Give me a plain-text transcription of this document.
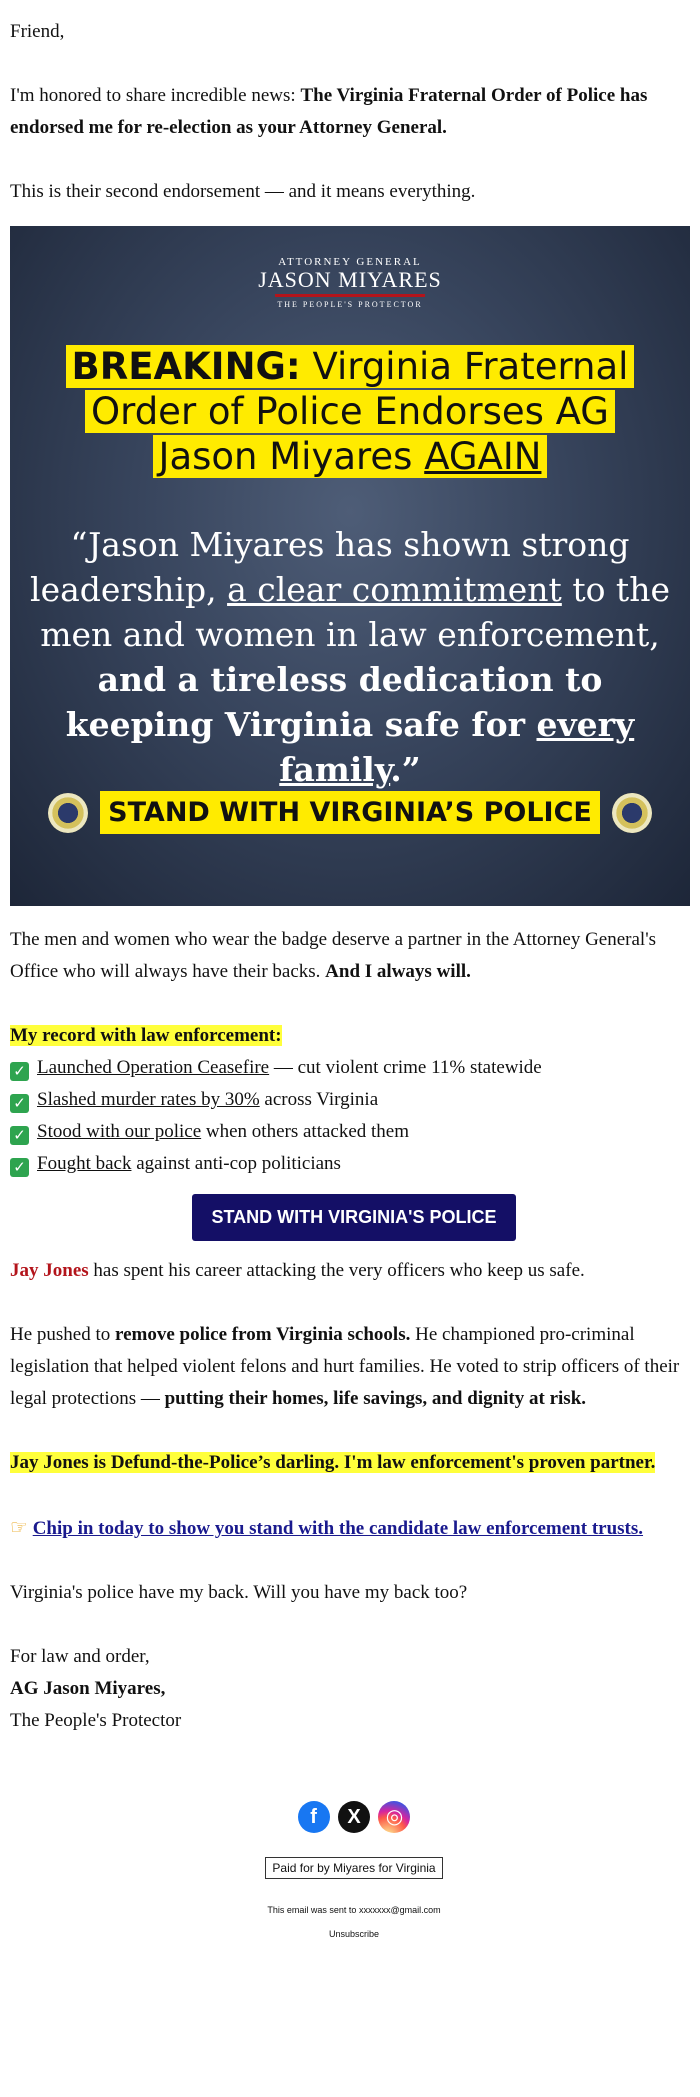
Friend,

I'm honored to share incredible news: The Virginia Fraternal Order of Police has endorsed me for re-election as your Attorney General.

This is their second endorsement — and it means everything.

ATTORNEY GENERAL
JASON MIYARES
THE PEOPLE'S PROTECTOR
BREAKING: Virginia Fraternal Order of Police Endorses AG Jason Miyares AGAIN
“Jason Miyares has shown strong leadership, a clear commitment to the men and women in law enforcement, and a tireless dedication to keeping Virginia safe for every family.”
STAND WITH VIRGINIA’S POLICE

The men and women who wear the badge deserve a partner in the Attorney General's Office who will always have their backs. And I always will.

My record with law enforcement:

✓ Launched Operation Ceasefire — cut violent crime 11% statewide

✓ Slashed murder rates by 30% across Virginia

✓ Stood with our police when others attacked them

✓ Fought back against anti-cop politicians

STAND WITH VIRGINIA'S POLICE

Jay Jones has spent his career attacking the very officers who keep us safe.

He pushed to remove police from Virginia schools. He championed pro-criminal legislation that helped violent felons and hurt families. He voted to strip officers of their legal protections — putting their homes, life savings, and dignity at risk.

Jay Jones is Defund-the-Police’s darling. I'm law enforcement's proven partner.

☞ Chip in today to show you stand with the candidate law enforcement trusts.

Virginia's police have my back. Will you have my back too?

For law and order,

AG Jason Miyares,

The People's Protector

f X ◎
Paid for by Miyares for Virginia
This email was sent to xxxxxxx@gmail.com
Unsubscribe
